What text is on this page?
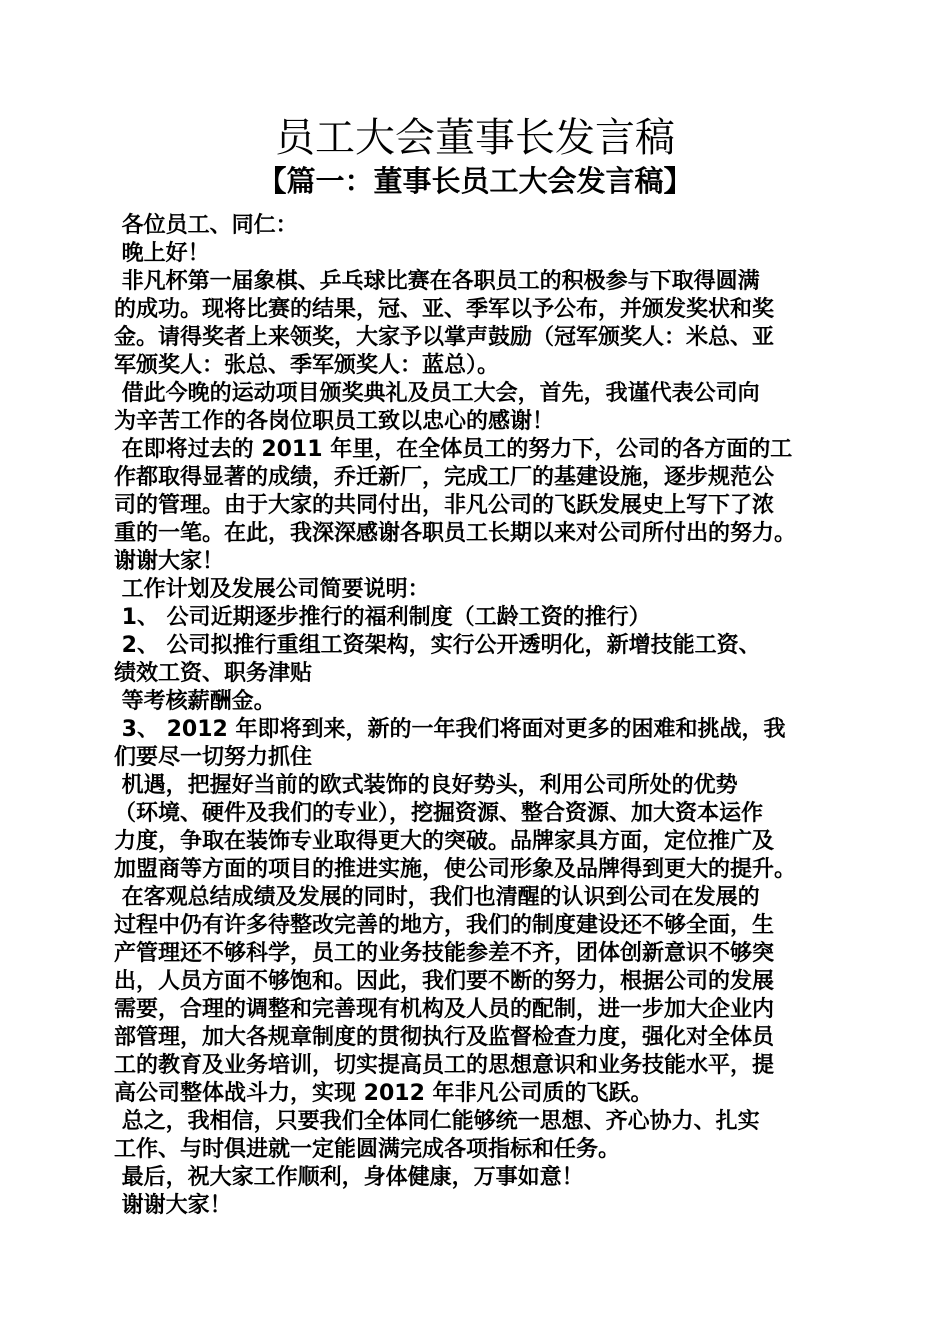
员工大会董事长发言稿
【篇一：董事长员工大会发言稿】
各位员工、同仁：
晚上好！
非凡杯第一届象棋、乒乓球比赛在各职员工的积极参与下取得圆满
的成功。现将比赛的结果，冠、亚、季军以予公布，并颁发奖状和奖
金。请得奖者上来领奖，大家予以掌声鼓励（冠军颁奖人：米总、亚
军颁奖人：张总、季军颁奖人：蓝总）。
借此今晚的运动项目颁奖典礼及员工大会，首先，我谨代表公司向
为辛苦工作的各岗位职员工致以忠心的感谢！
在即将过去的 2011 年里，在全体员工的努力下，公司的各方面的工
作都取得显著的成绩，乔迁新厂，完成工厂的基建设施，逐步规范公
司的管理。由于大家的共同付出，非凡公司的飞跃发展史上写下了浓
重的一笔。在此，我深深感谢各职员工长期以来对公司所付出的努力。
谢谢大家！
工作计划及发展公司简要说明：
1、 公司近期逐步推行的福利制度（工龄工资的推行）
2、 公司拟推行重组工资架构，实行公开透明化，新增技能工资、
绩效工资、职务津贴
等考核薪酬金。
3、 2012 年即将到来，新的一年我们将面对更多的困难和挑战，我
们要尽一切努力抓住
机遇，把握好当前的欧式装饰的良好势头，利用公司所处的优势
（环境、硬件及我们的专业），挖掘资源、整合资源、加大资本运作
力度，争取在装饰专业取得更大的突破。品牌家具方面，定位推广及
加盟商等方面的项目的推进实施，使公司形象及品牌得到更大的提升。
在客观总结成绩及发展的同时，我们也清醒的认识到公司在发展的
过程中仍有许多待整改完善的地方，我们的制度建设还不够全面，生
产管理还不够科学，员工的业务技能参差不齐，团体创新意识不够突
出，人员方面不够饱和。因此，我们要不断的努力，根据公司的发展
需要，合理的调整和完善现有机构及人员的配制，进一步加大企业内
部管理，加大各规章制度的贯彻执行及监督检查力度，强化对全体员
工的教育及业务培训，切实提高员工的思想意识和业务技能水平，提
高公司整体战斗力，实现 2012 年非凡公司质的飞跃。
总之，我相信，只要我们全体同仁能够统一思想、齐心协力、扎实
工作、与时俱进就一定能圆满完成各项指标和任务。
最后，祝大家工作顺利，身体健康，万事如意！
谢谢大家！
